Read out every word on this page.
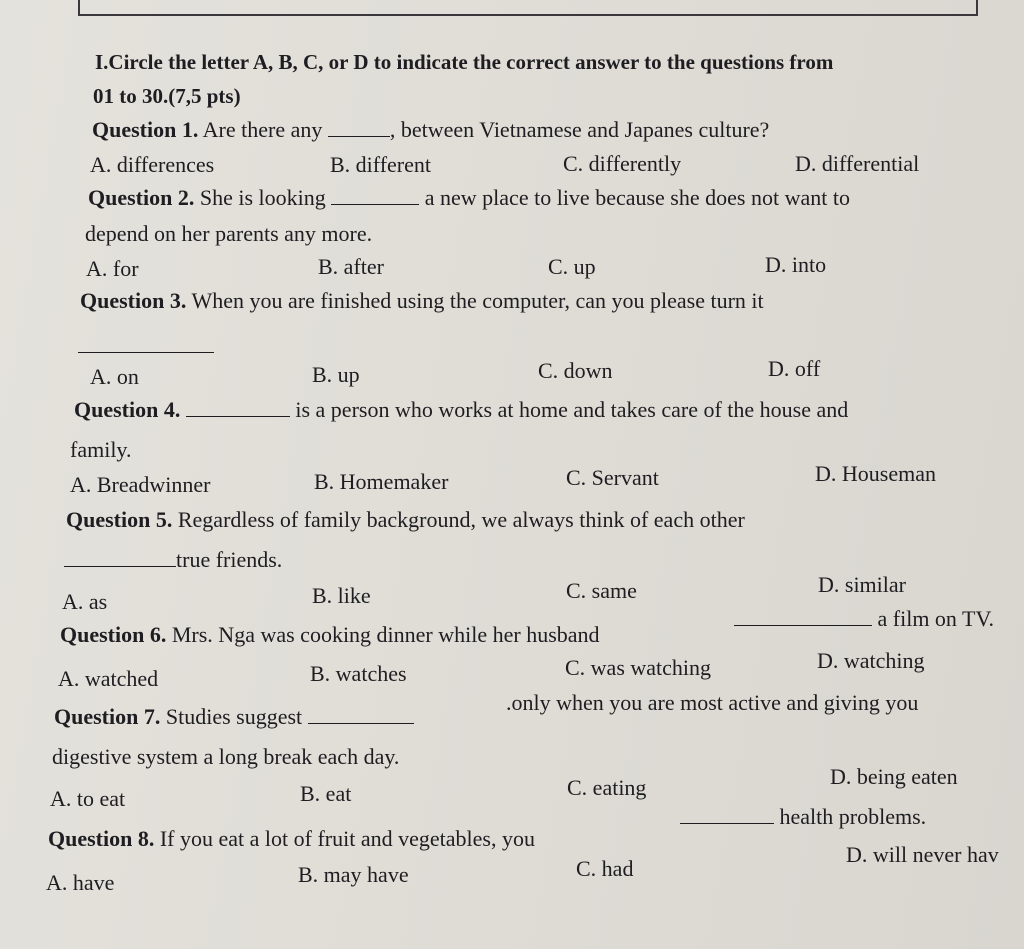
I.Circle the letter A, B, C, or D to indicate the correct answer to the questions from
01 to 30.(7,5 pts)
Question 1. Are there any	, between Vietnamese and Japanes culture?
A. differences	B. different	C. differently	D. differential
Question 2. She is looking	a new place to live because she does not want to
depend on her parents any more.
A. for	B. after	C. up	D. into
Question 3. When you are finished using the computer, can you please turn it
A. on	B. up	C. down	D. off
Question 4.	is a person who works at home and takes care of the house and
family.
A. Breadwinner	B. Homemaker	C. Servant	D. Houseman
Question 5. Regardless of family background, we always think of each other
true friends.
A. as	B. like	C. same	D. similar
Question 6. Mrs. Nga was cooking dinner while her husband
a film on TV.
A. watched	B. watches	C. was watching	D. watching
Question 7. Studies suggest
.only when you are most active and giving you
digestive system a long break each day.
A. to eat	B. eat	C. eating	D. being eaten
Question 8. If you eat a lot of fruit and vegetables, you
health problems.
A. have	B. may have	C. had
D. will never hav
